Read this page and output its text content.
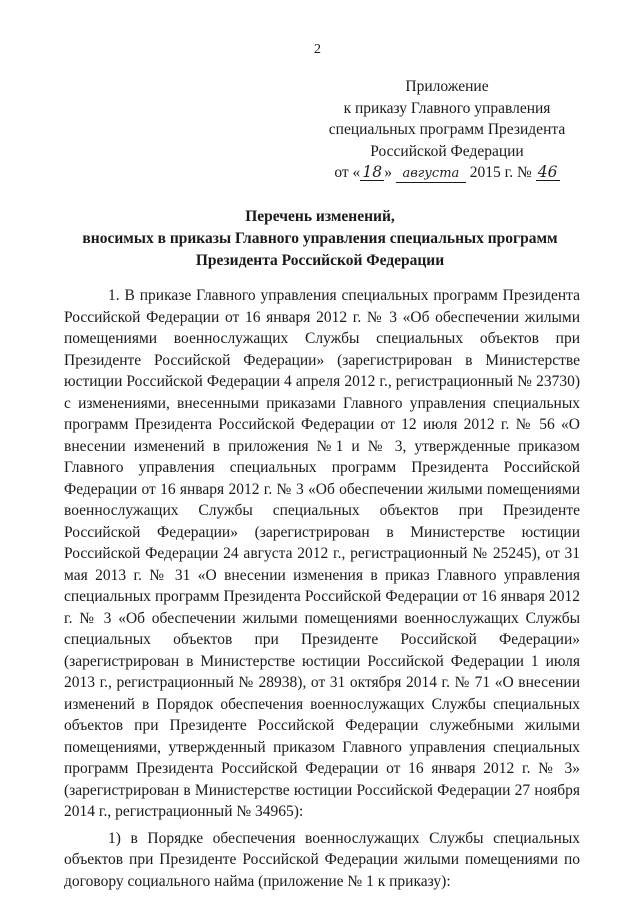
2
Приложение
к приказу Главного управления
специальных программ Президента
Российской Федерации
от « 18 » августа 2015 г. № 46
Перечень изменений,
вносимых в приказы Главного управления специальных программ
Президента Российской Федерации

1. В приказе Главного управления специальных программ Президента Российской Федерации от 16 января 2012 г. № 3 «Об обеспечении жилыми помещениями военнослужащих Службы специальных объектов при Президенте Российской Федерации» (зарегистрирован в Министерстве юстиции Российской Федерации 4 апреля 2012 г., регистрационный № 23730) с изменениями, внесенными приказами Главного управления специальных программ Президента Российской Федерации от 12 июля 2012 г. № 56 «О внесении изменений в приложения №1 и № 3, утвержденные приказом Главного управления специальных программ Президента Российской Федерации от 16 января 2012 г. № 3 «Об обеспечении жилыми помещениями военнослужащих Службы специальных объектов при Президенте Российской Федерации» (зарегистрирован в Министерстве юстиции Российской Федерации 24 августа 2012 г., регистрационный № 25245), от 31 мая 2013 г. № 31 «О внесении изменения в приказ Главного управления специальных программ Президента Российской Федерации от 16 января 2012 г. № 3 «Об обеспечении жилыми помещениями военнослужащих Службы специальных объектов при Президенте Российской Федерации» (зарегистрирован в Министерстве юстиции Российской Федерации 1 июля 2013 г., регистрационный № 28938), от 31 октября 2014 г. № 71 «О внесении изменений в Порядок обеспечения военнослужащих Службы специальных объектов при Президенте Российской Федерации служебными жилыми помещениями, утвержденный приказом Главного управления специальных программ Президента Российской Федерации от 16 января 2012 г. № 3» (зарегистрирован в Министерстве юстиции Российской Федерации 27 ноября 2014 г., регистрационный № 34965):

1) в Порядке обеспечения военнослужащих Службы специальных объектов при Президенте Российской Федерации жилыми помещениями по договору социального найма (приложение № 1 к приказу):
